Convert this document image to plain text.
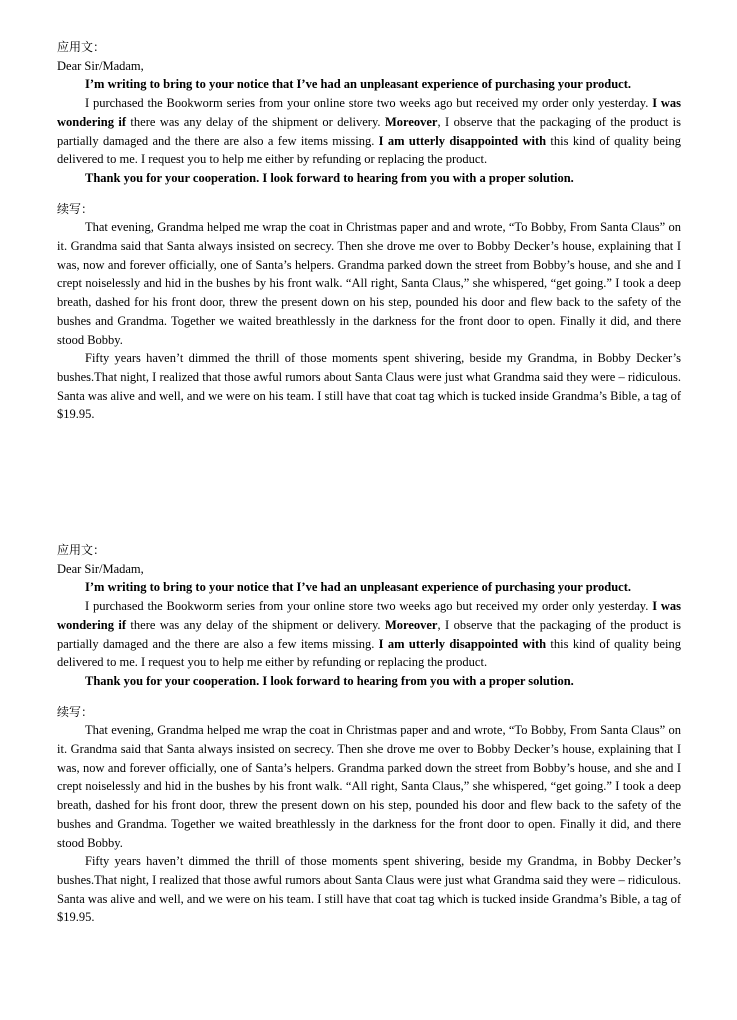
应用文：
Dear Sir/Madam,

I’m writing to bring to your notice that I’ve had an unpleasant experience of purchasing your product.

I purchased the Bookworm series from your online store two weeks ago but received my order only yesterday. I was wondering if there was any delay of the shipment or delivery. Moreover, I observe that the packaging of the product is partially damaged and the there are also a few items missing. I am utterly disappointed with this kind of quality being delivered to me. I request you to help me either by refunding or replacing the product.

Thank you for your cooperation. I look forward to hearing from you with a proper solution.

续写：

That evening, Grandma helped me wrap the coat in Christmas paper and and wrote, “To Bobby, From Santa Claus” on it. Grandma said that Santa always insisted on secrecy. Then she drove me over to Bobby Decker’s house, explaining that I was, now and forever officially, one of Santa’s helpers. Grandma parked down the street from Bobby’s house, and she and I crept noiselessly and hid in the bushes by his front walk. “All right, Santa Claus,” she whispered, “get going.” I took a deep breath, dashed for his front door, threw the present down on his step, pounded his door and flew back to the safety of the bushes and Grandma. Together we waited breathlessly in the darkness for the front door to open. Finally it did, and there stood Bobby.

Fifty years haven’t dimmed the thrill of those moments spent shivering, beside my Grandma, in Bobby Decker’s bushes.That night, I realized that those awful rumors about Santa Claus were just what Grandma said they were – ridiculous. Santa was alive and well, and we were on his team. I still have that coat tag which is tucked inside Grandma’s Bible, a tag of $19.95.

应用文：
Dear Sir/Madam,

I’m writing to bring to your notice that I’ve had an unpleasant experience of purchasing your product.

I purchased the Bookworm series from your online store two weeks ago but received my order only yesterday. I was wondering if there was any delay of the shipment or delivery. Moreover, I observe that the packaging of the product is partially damaged and the there are also a few items missing. I am utterly disappointed with this kind of quality being delivered to me. I request you to help me either by refunding or replacing the product.

Thank you for your cooperation. I look forward to hearing from you with a proper solution.

续写：

That evening, Grandma helped me wrap the coat in Christmas paper and and wrote, “To Bobby, From Santa Claus” on it. Grandma said that Santa always insisted on secrecy. Then she drove me over to Bobby Decker’s house, explaining that I was, now and forever officially, one of Santa’s helpers. Grandma parked down the street from Bobby’s house, and she and I crept noiselessly and hid in the bushes by his front walk. “All right, Santa Claus,” she whispered, “get going.” I took a deep breath, dashed for his front door, threw the present down on his step, pounded his door and flew back to the safety of the bushes and Grandma. Together we waited breathlessly in the darkness for the front door to open. Finally it did, and there stood Bobby.

Fifty years haven’t dimmed the thrill of those moments spent shivering, beside my Grandma, in Bobby Decker’s bushes.That night, I realized that those awful rumors about Santa Claus were just what Grandma said they were – ridiculous. Santa was alive and well, and we were on his team. I still have that coat tag which is tucked inside Grandma’s Bible, a tag of $19.95.
